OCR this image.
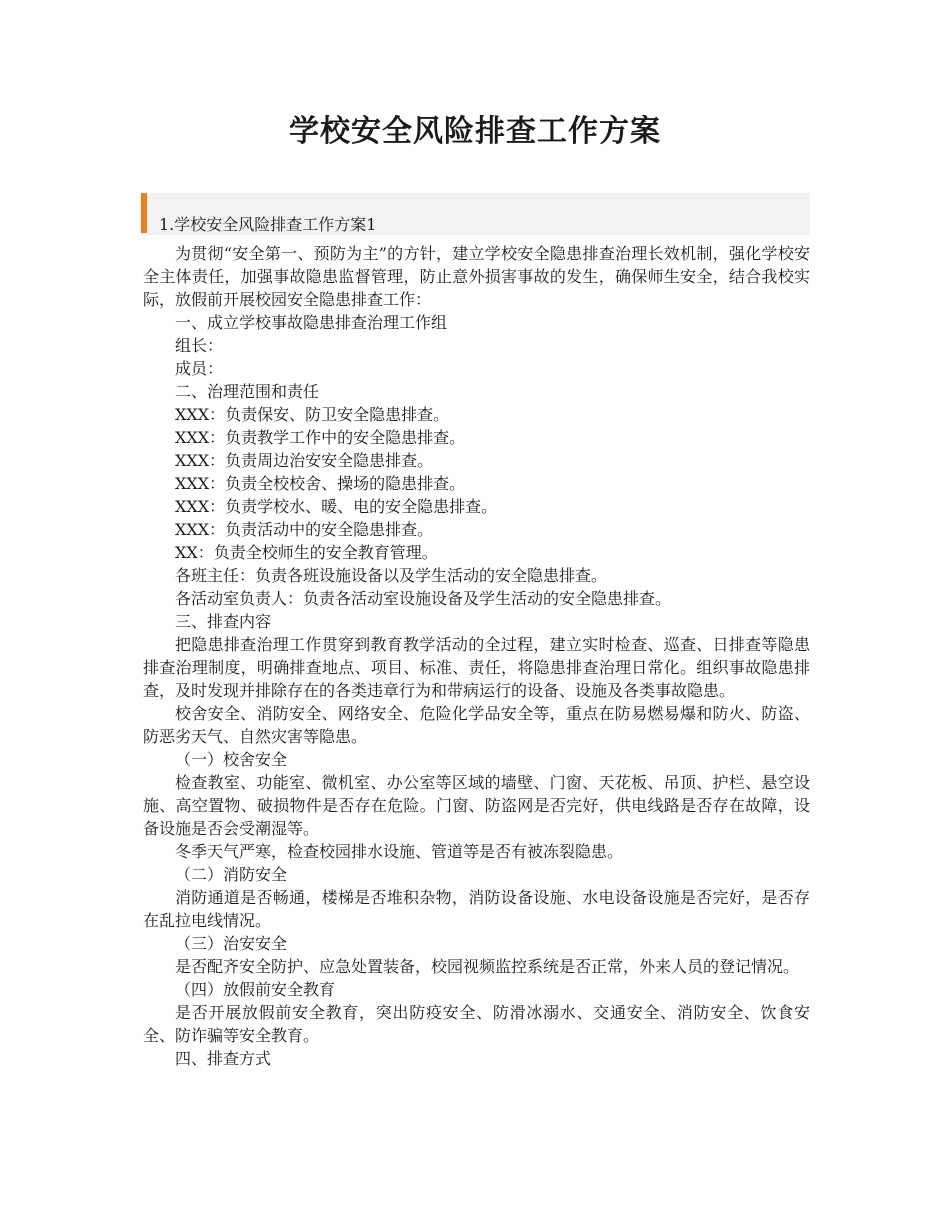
学校安全风险排查工作方案
1.学校安全风险排查工作方案1

为贯彻“安全第一、预防为主”的方针，建立学校安全隐患排查治理长效机制，强化学校安全主体责任，加强事故隐患监督管理，防止意外损害事故的发生，确保师生安全，结合我校实际，放假前开展校园安全隐患排查工作：

一、成立学校事故隐患排查治理工作组

组长：

成员：

二、治理范围和责任

XXX：负责保安、防卫安全隐患排查。

XXX：负责教学工作中的安全隐患排查。

XXX：负责周边治安安全隐患排查。

XXX：负责全校校舍、操场的隐患排查。

XXX：负责学校水、暖、电的安全隐患排查。

XXX：负责活动中的安全隐患排查。

XX：负责全校师生的安全教育管理。

各班主任：负责各班设施设备以及学生活动的安全隐患排查。

各活动室负责人：负责各活动室设施设备及学生活动的安全隐患排查。

三、排查内容

把隐患排查治理工作贯穿到教育教学活动的全过程，建立实时检查、巡查、日排查等隐患排查治理制度，明确排查地点、项目、标准、责任，将隐患排查治理日常化。组织事故隐患排查，及时发现并排除存在的各类违章行为和带病运行的设备、设施及各类事故隐患。

校舍安全、消防安全、网络安全、危险化学品安全等，重点在防易燃易爆和防火、防盗、防恶劣天气、自然灾害等隐患。

（一）校舍安全

检查教室、功能室、微机室、办公室等区域的墙壁、门窗、天花板、吊顶、护栏、悬空设施、高空置物、破损物件是否存在危险。门窗、防盗网是否完好，供电线路是否存在故障，设备设施是否会受潮湿等。

冬季天气严寒，检查校园排水设施、管道等是否有被冻裂隐患。

（二）消防安全

消防通道是否畅通，楼梯是否堆积杂物，消防设备设施、水电设备设施是否完好，是否存在乱拉电线情况。

（三）治安安全

是否配齐安全防护、应急处置装备，校园视频监控系统是否正常，外来人员的登记情况。

（四）放假前安全教育

是否开展放假前安全教育，突出防疫安全、防滑冰溺水、交通安全、消防安全、饮食安全、防诈骗等安全教育。

四、排查方式
